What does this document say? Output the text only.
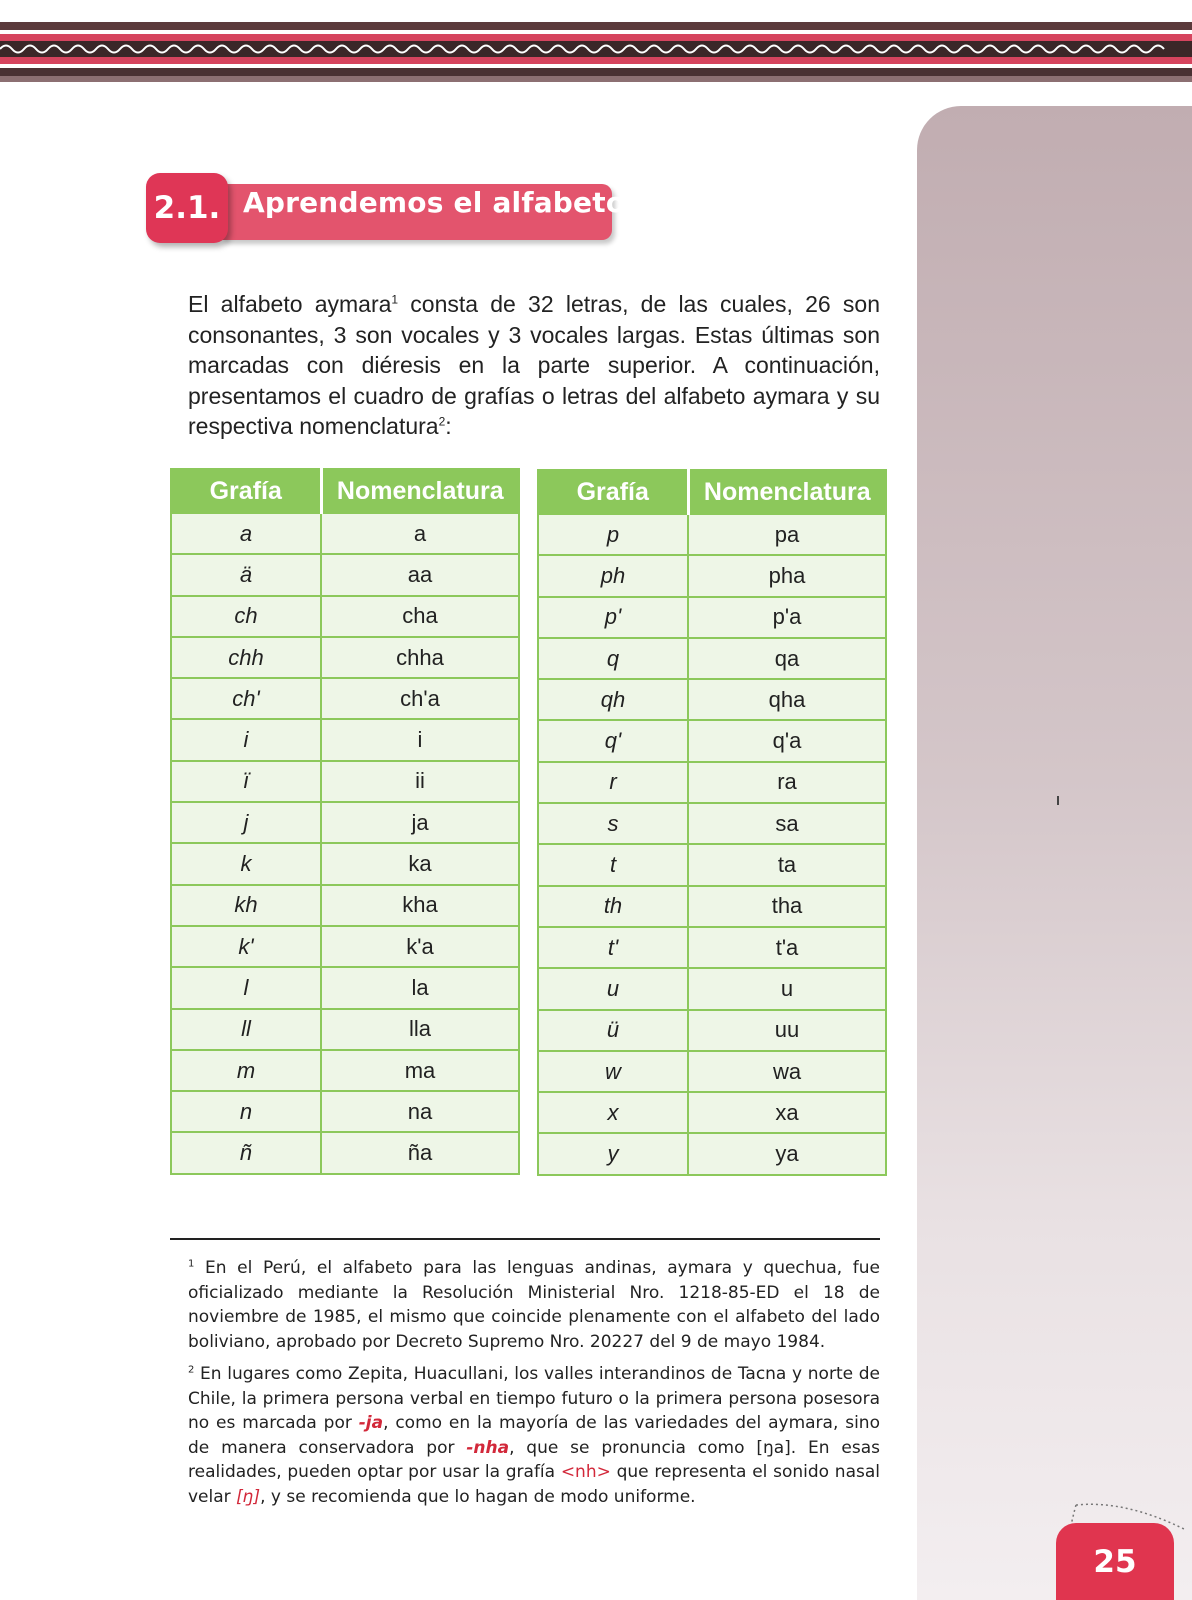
2.1. Aprendemos el alfabeto

El alfabeto aymara$^1$ consta de 32 letras, de las cuales, 26 son consonantes, 3 son vocales y 3 vocales largas. Estas últimas son marcadas con diéresis en la parte superior. A continuación, presentamos el cuadro de grafías o letras del alfabeto aymara y su respectiva nomenclatura$^2$:

Grafía	Nomenclatura
a	a
ä	aa
ch	cha
chh	chha
ch'	ch'a
i	i
ï	ii
j	ja
k	ka
kh	kha
k'	k'a
l	la
ll	lla
m	ma
n	na
ñ	ña
Grafía	Nomenclatura
p	pa
ph	pha
p'	p'a
q	qa
qh	qha
q'	q'a
r	ra
s	sa
t	ta
th	tha
t'	t'a
u	u
ü	uu
w	wa
x	xa
y	ya

$^1$ En el Perú, el alfabeto para las lenguas andinas, aymara y quechua, fue oficializado mediante la Resolución Ministerial Nro. 1218-85-ED el 18 de noviembre de 1985, el mismo que coincide plenamente con el alfabeto del lado boliviano, aprobado por Decreto Supremo Nro. 20227 del 9 de mayo 1984.

$^2$ En lugares como Zepita, Huacullani, los valles interandinos de Tacna y norte de Chile, la primera persona verbal en tiempo futuro o la primera persona posesora no es marcada por -ja, como en la mayoría de las variedades del aymara, sino de manera conservadora por -nha, que se pronuncia como [ŋa]. En esas realidades, pueden optar por usar la grafía <nh> que representa el sonido nasal velar [ŋ], y se recomienda que lo hagan de modo uniforme.

25
